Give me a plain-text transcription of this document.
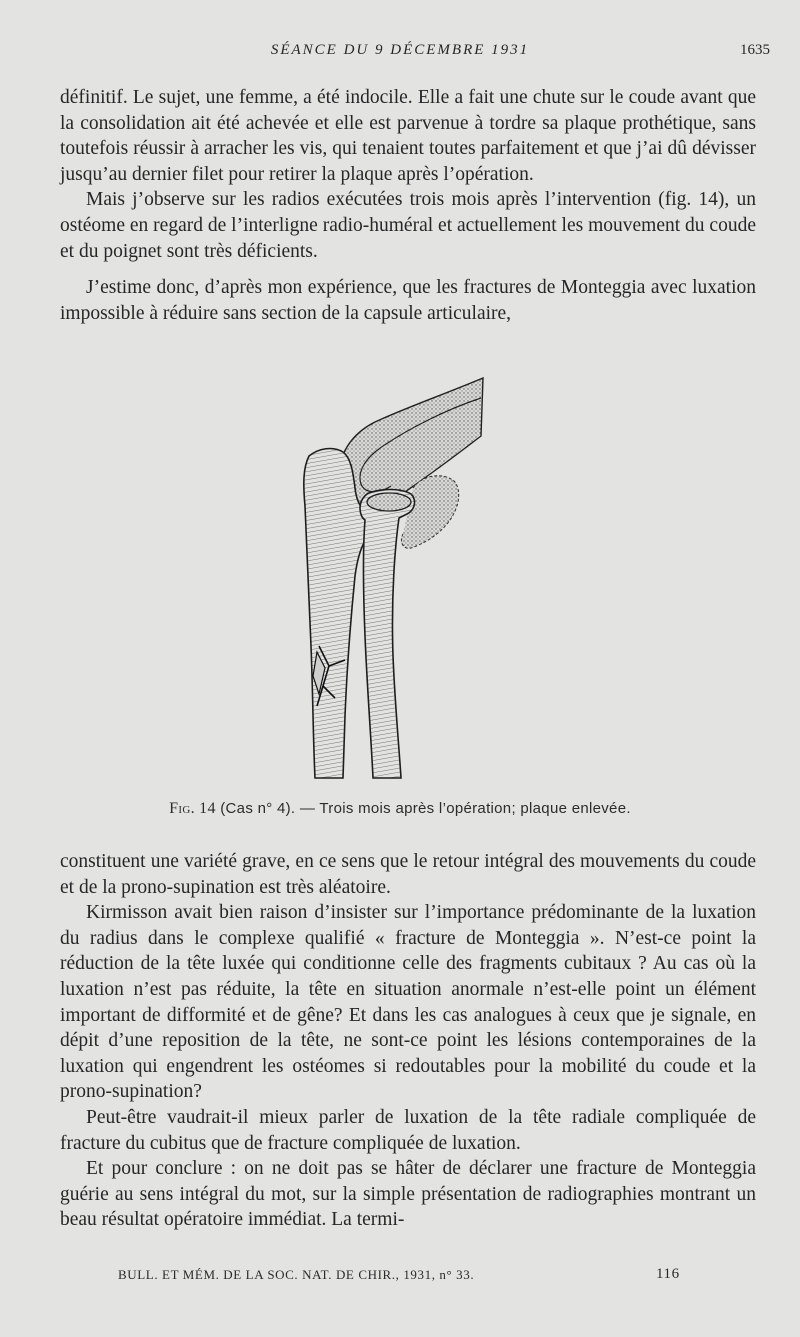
SÉANCE DU 9 DÉCEMBRE 1931	1635

définitif. Le sujet, une femme, a été indocile. Elle a fait une chute sur le coude avant que la consolidation ait été achevée et elle est parvenue à tordre sa plaque prothétique, sans toutefois réussir à arracher les vis, qui tenaient toutes parfaitement et que j’ai dû dévisser jusqu’au dernier filet pour retirer la plaque après l’opération.

Mais j’observe sur les radios exécutées trois mois après l’intervention (fig. 14), un ostéome en regard de l’interligne radio-huméral et actuellement les mouvement du coude et du poignet sont très déficients.

J’estime donc, d’après mon expérience, que les fractures de Monteggia avec luxation impossible à réduire sans section de la capsule articulaire,

Fig. 14 (Cas n° 4). — Trois mois après l’opération; plaque enlevée.

constituent une variété grave, en ce sens que le retour intégral des mouvements du coude et de la prono-supination est très aléatoire.

Kirmisson avait bien raison d’insister sur l’importance prédominante de la luxation du radius dans le complexe qualifié « fracture de Monteggia ». N’est-ce point la réduction de la tête luxée qui conditionne celle des fragments cubitaux ? Au cas où la luxation n’est pas réduite, la tête en situation anormale n’est-elle point un élément important de difformité et de gêne? Et dans les cas analogues à ceux que je signale, en dépit d’une reposition de la tête, ne sont-ce point les lésions contemporaines de la luxation qui engendrent les ostéomes si redoutables pour la mobilité du coude et la prono-supination?

Peut-être vaudrait-il mieux parler de luxation de la tête radiale compliquée de fracture du cubitus que de fracture compliquée de luxation.

Et pour conclure : on ne doit pas se hâter de déclarer une fracture de Monteggia guérie au sens intégral du mot, sur la simple présentation de radiographies montrant un beau résultat opératoire immédiat. La termi-

BULL. ET MÉM. DE LA SOC. NAT. DE CHIR., 1931, n° 33.	116
